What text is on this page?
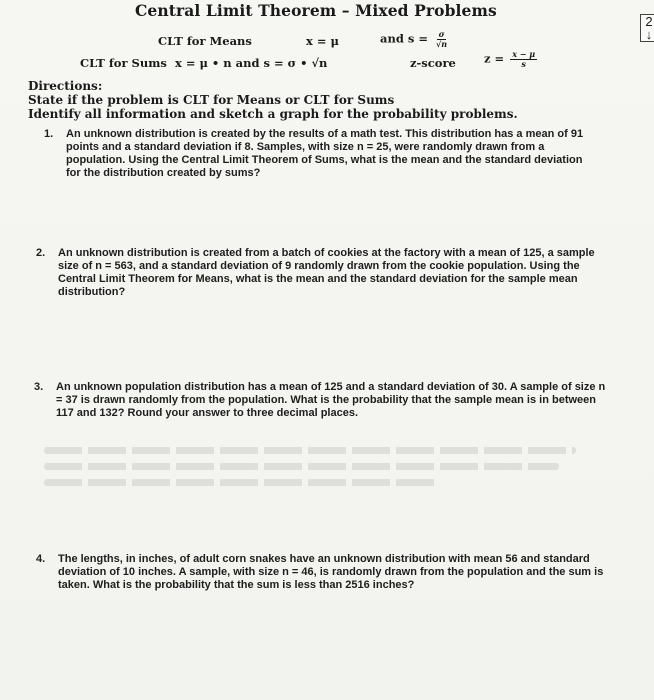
Central Limit Theorem – Mixed Problems
2
↓
CLT for Means	x = μ	and $s = \frac{\sigma}{√n}$
CLT for Sums x = μ • n and s = σ • √n	z-score $z = \frac{x - \mu}{s}$
Directions:
State if the problem is CLT for Means or CLT for Sums
Identify all information and sketch a graph for the probability problems.
1. An unknown distribution is created by the results of a math test. This distribution has a mean of 91 points and a standard deviation if 8. Samples, with size n = 25, were randomly drawn from a population. Using the Central Limit Theorem of Sums, what is the mean and the standard deviation for the distribution created by sums?
2. An unknown distribution is created from a batch of cookies at the factory with a mean of 125, a sample size of n = 563, and a standard deviation of 9 randomly drawn from the cookie population. Using the Central Limit Theorem for Means, what is the mean and the standard deviation for the sample mean distribution?
3. An unknown population distribution has a mean of 125 and a standard deviation of 30. A sample of size n = 37 is drawn randomly from the population. What is the probability that the sample mean is in between 117 and 132? Round your answer to three decimal places.
4. The lengths, in inches, of adult corn snakes have an unknown distribution with mean 56 and standard deviation of 10 inches. A sample, with size n = 46, is randomly drawn from the population and the sum is taken. What is the probability that the sum is less than 2516 inches?
